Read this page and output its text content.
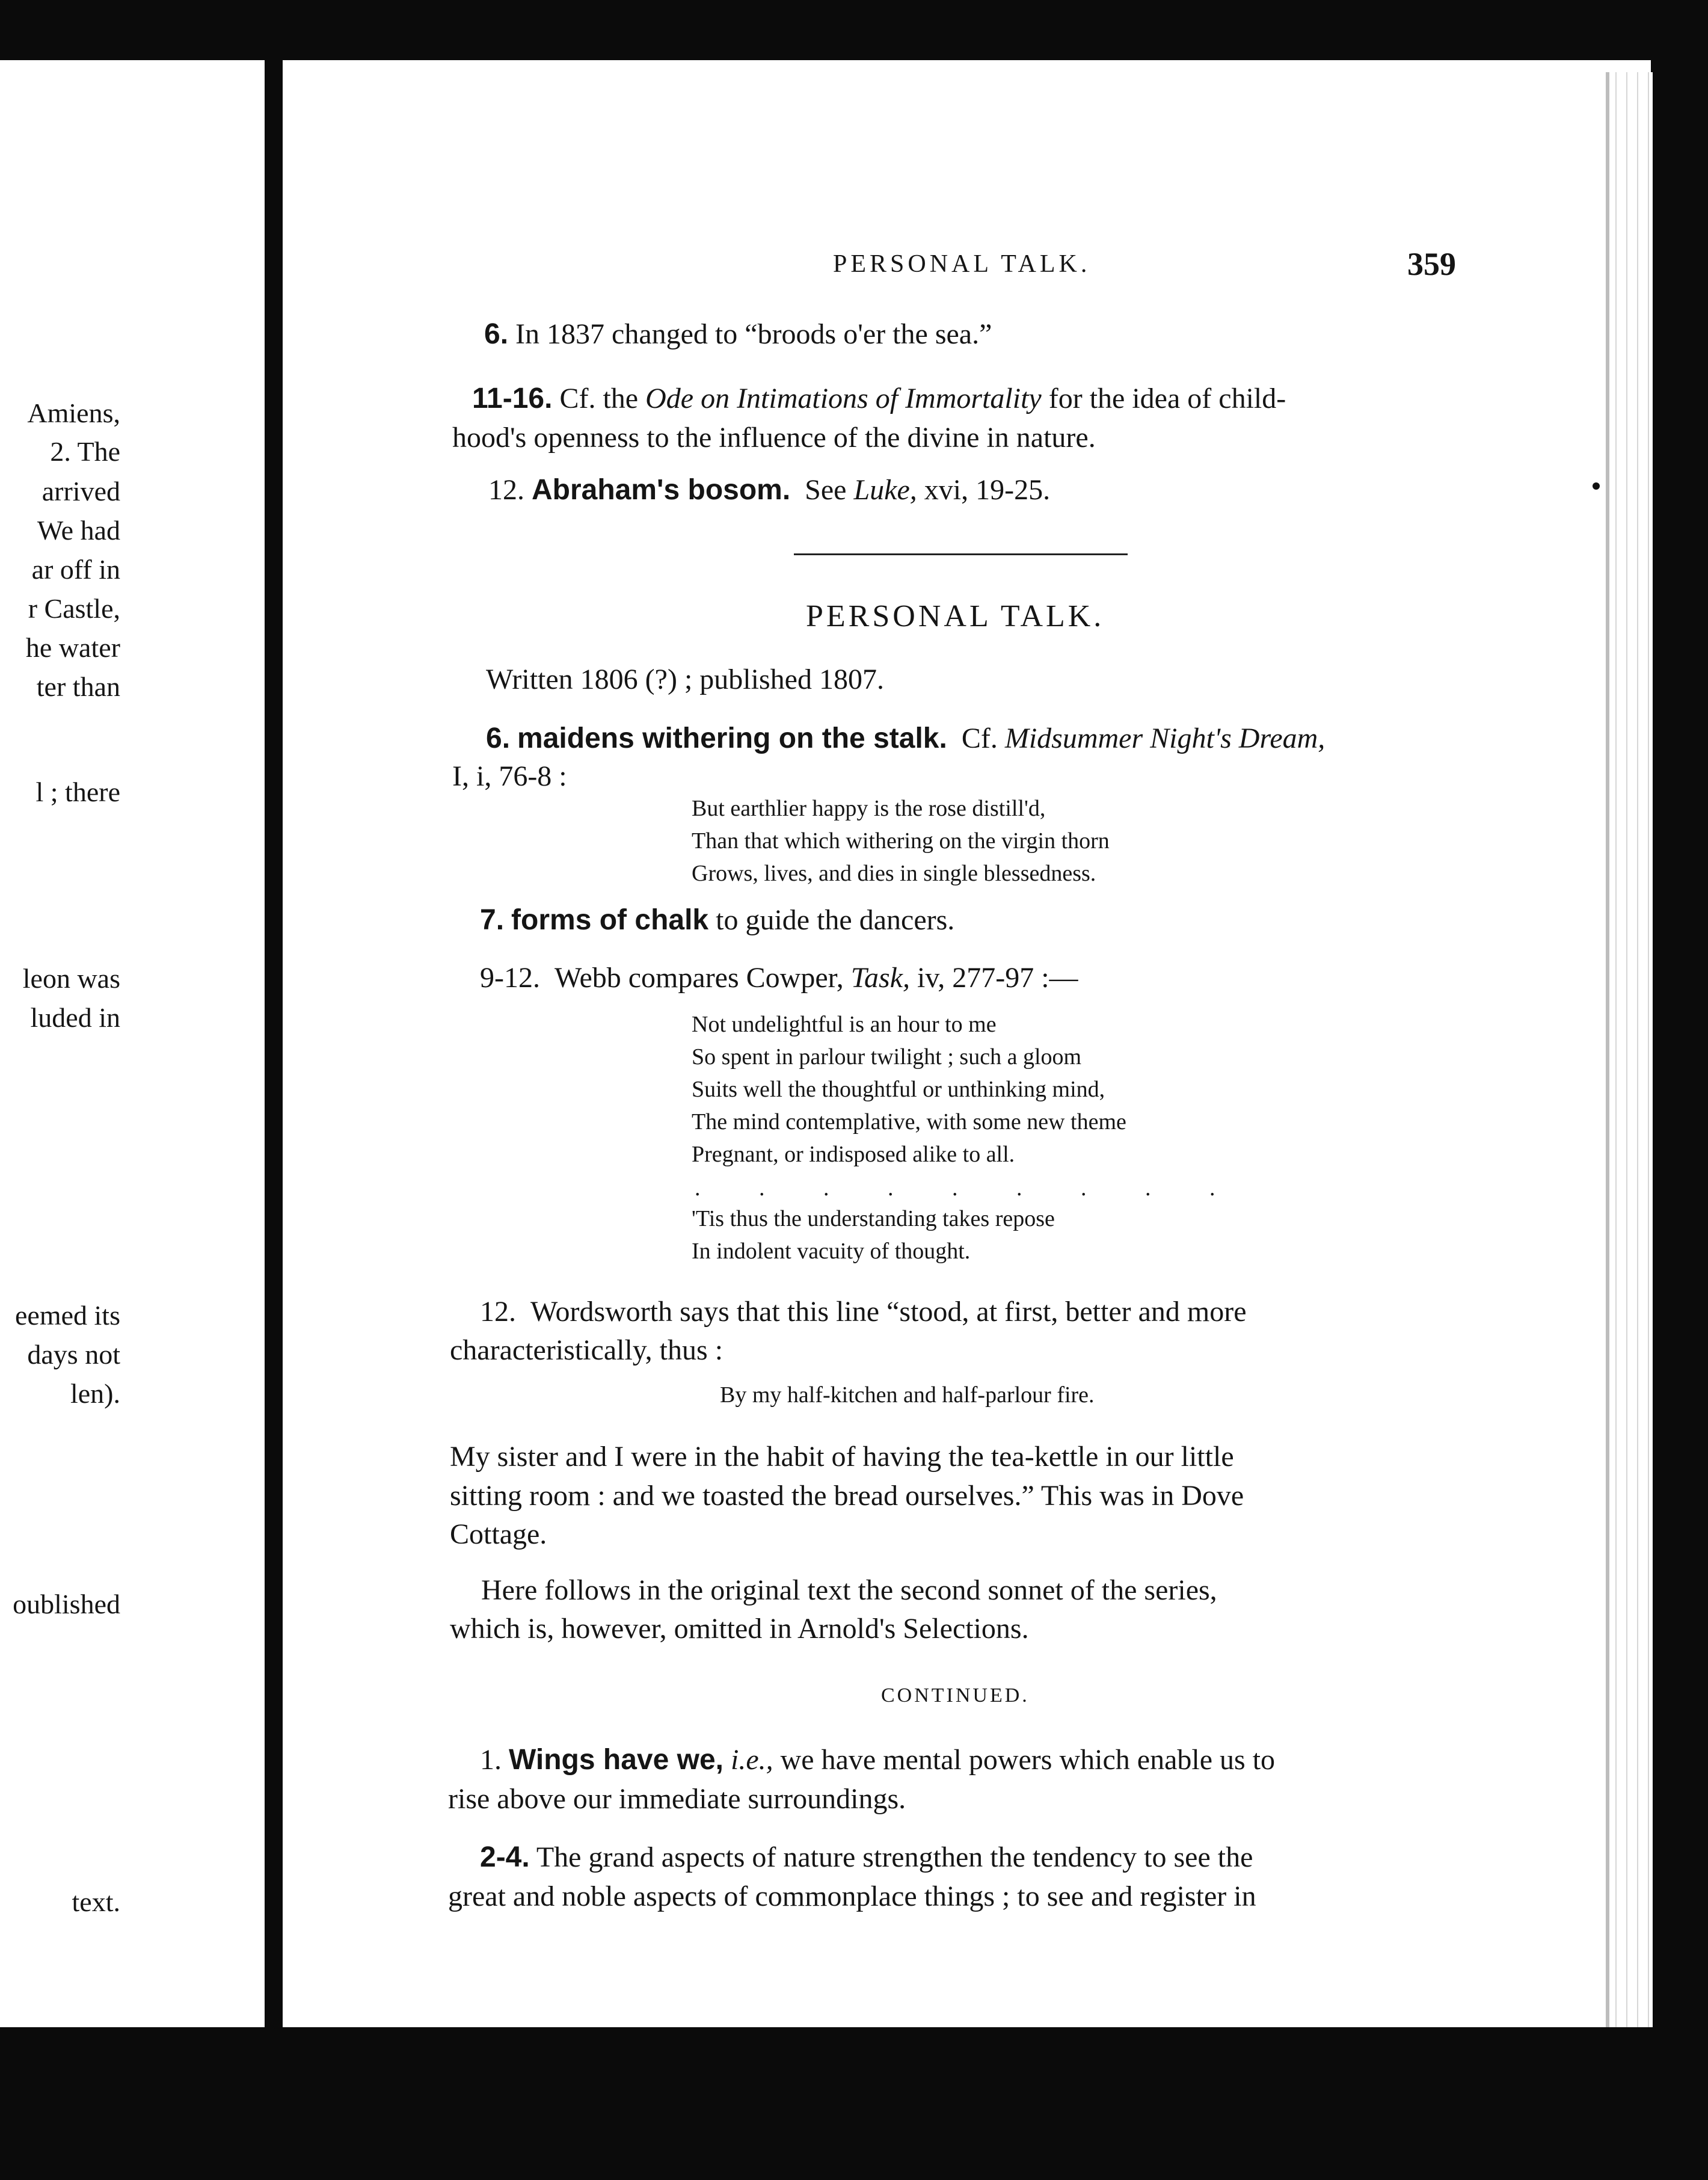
Amiens,
2. The
arrived
We had
ar off in
r Castle,
he water
ter than
l ; there
leon was
luded in
eemed its
days not
len).
oublished
text.
PERSONAL TALK.	359
6. In 1837 changed to “broods o'er the sea.”
11-16. Cf. the Ode on Intimations of Immortality for the idea of child-
hood's openness to the influence of the divine in nature.
12. Abraham's bosom. See Luke, xvi, 19-25.
PERSONAL TALK.
Written 1806 (?) ; published 1807.
6. maidens withering on the stalk. Cf. Midsummer Night's Dream,
I, i, 76-8 :
But earthlier happy is the rose distill'd,
Than that which withering on the virgin thorn
Grows, lives, and dies in single blessedness.
7. forms of chalk to guide the dancers.
9-12. Webb compares Cowper, Task, iv, 277-97 :—
Not undelightful is an hour to me
So spent in parlour twilight ; such a gloom
Suits well the thoughtful or unthinking mind,
The mind contemplative, with some new theme
Pregnant, or indisposed alike to all.
. . . . . . . . .
'Tis thus the understanding takes repose
In indolent vacuity of thought.
12. Wordsworth says that this line “stood, at first, better and more
characteristically, thus :
By my half-kitchen and half-parlour fire.
My sister and I were in the habit of having the tea-kettle in our little
sitting room : and we toasted the bread ourselves.” This was in Dove
Cottage.
Here follows in the original text the second sonnet of the series,
which is, however, omitted in Arnold's Selections.
CONTINUED.
1. Wings have we, i.e., we have mental powers which enable us to
rise above our immediate surroundings.
2-4. The grand aspects of nature strengthen the tendency to see the
great and noble aspects of commonplace things ; to see and register in
